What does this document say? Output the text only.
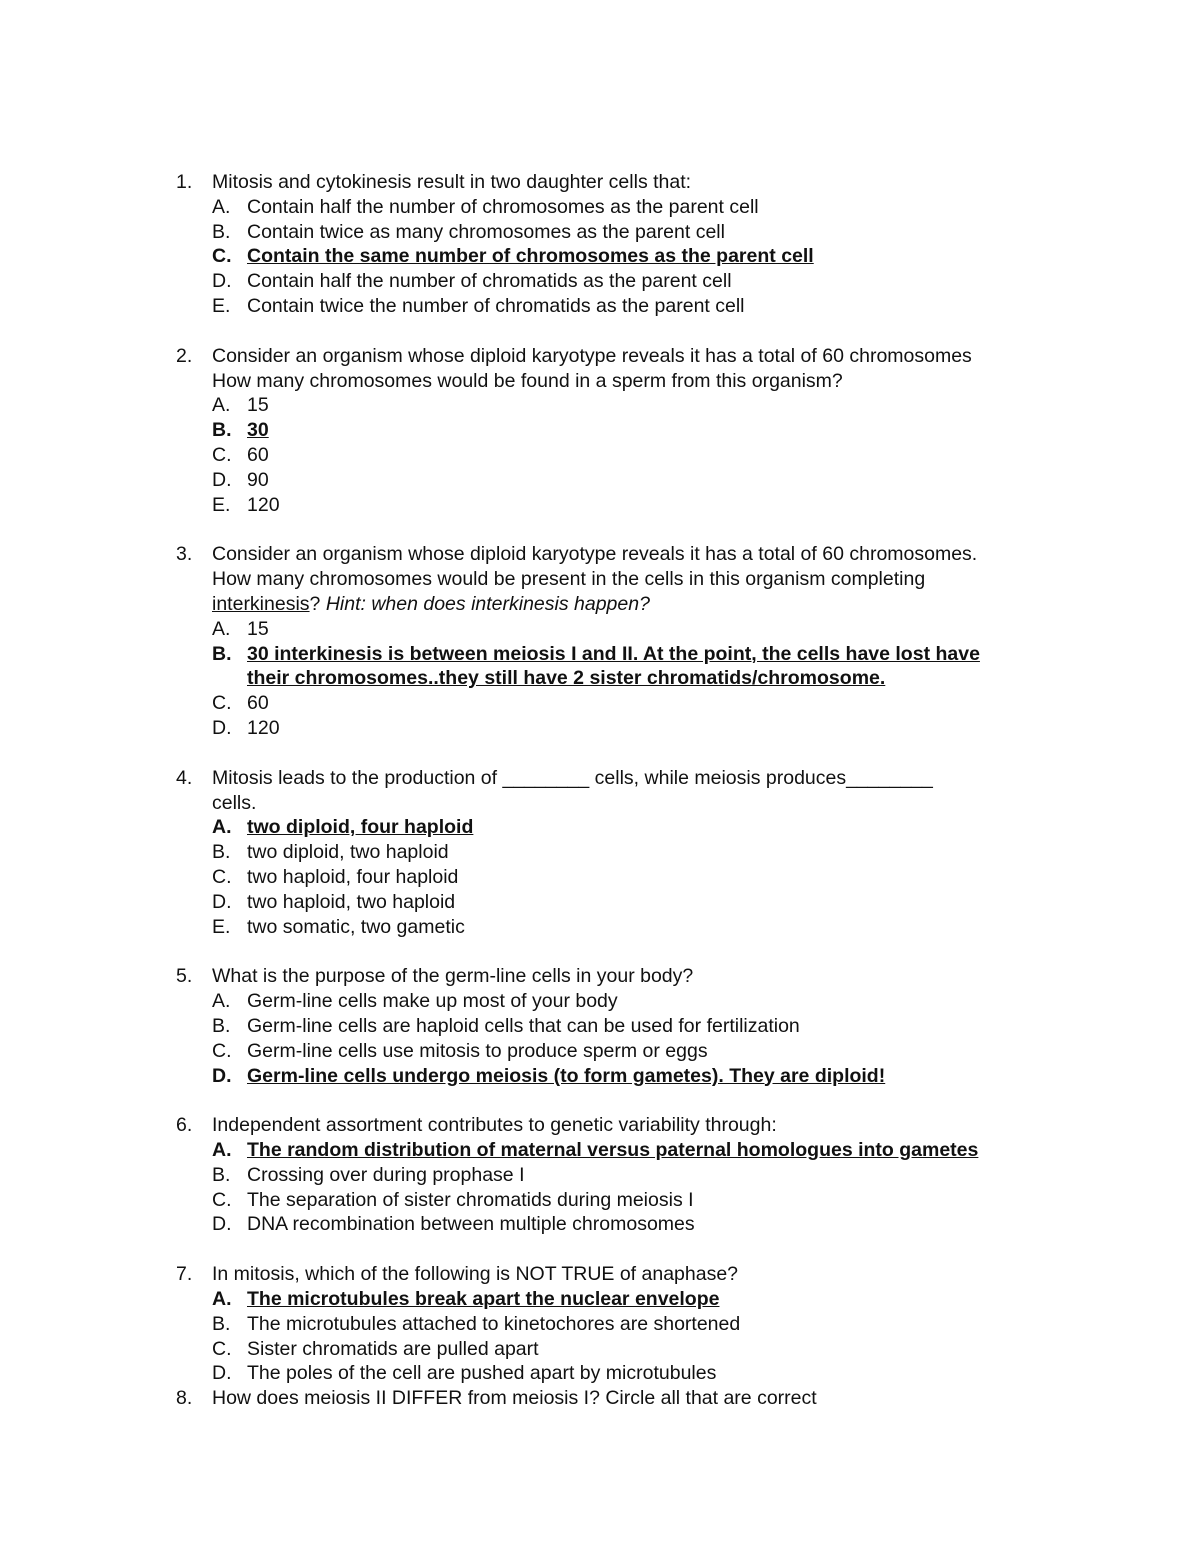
1.	Mitosis and cytokinesis result in two daughter cells that:
A. Contain half the number of chromosomes as the parent cell
B. Contain twice as many chromosomes as the parent cell
C. Contain the same number of chromosomes as the parent cell
D. Contain half the number of chromatids as the parent cell
E. Contain twice the number of chromatids as the parent cell
2.	Consider an organism whose diploid karyotype reveals it has a total of 60 chromosomes
How many chromosomes would be found in a sperm from this organism?
A. 15
B. 30
C. 60
D. 90
E. 120
3.	Consider an organism whose diploid karyotype reveals it has a total of 60 chromosomes.
How many chromosomes would be present in the cells in this organism completing
interkinesis? Hint: when does interkinesis happen?
A. 15
B. 30 interkinesis is between meiosis I and II. At the point, the cells have lost have
their chromosomes..they still have 2 sister chromatids/chromosome.
C. 60
D. 120
4.	Mitosis leads to the production of ________ cells, while meiosis produces________
cells.
A. two diploid, four haploid
B. two diploid, two haploid
C. two haploid, four haploid
D. two haploid, two haploid
E. two somatic, two gametic
5.	What is the purpose of the germ-line cells in your body?
A. Germ-line cells make up most of your body
B. Germ-line cells are haploid cells that can be used for fertilization
C. Germ-line cells use mitosis to produce sperm or eggs
D. Germ-line cells undergo meiosis (to form gametes). They are diploid!
6.	Independent assortment contributes to genetic variability through:
A. The random distribution of maternal versus paternal homologues into gametes
B. Crossing over during prophase I
C. The separation of sister chromatids during meiosis I
D. DNA recombination between multiple chromosomes
7.	In mitosis, which of the following is NOT TRUE of anaphase?
A. The microtubules break apart the nuclear envelope
B. The microtubules attached to kinetochores are shortened
C. Sister chromatids are pulled apart
D. The poles of the cell are pushed apart by microtubules
8.	How does meiosis II DIFFER from meiosis I? Circle all that are correct
